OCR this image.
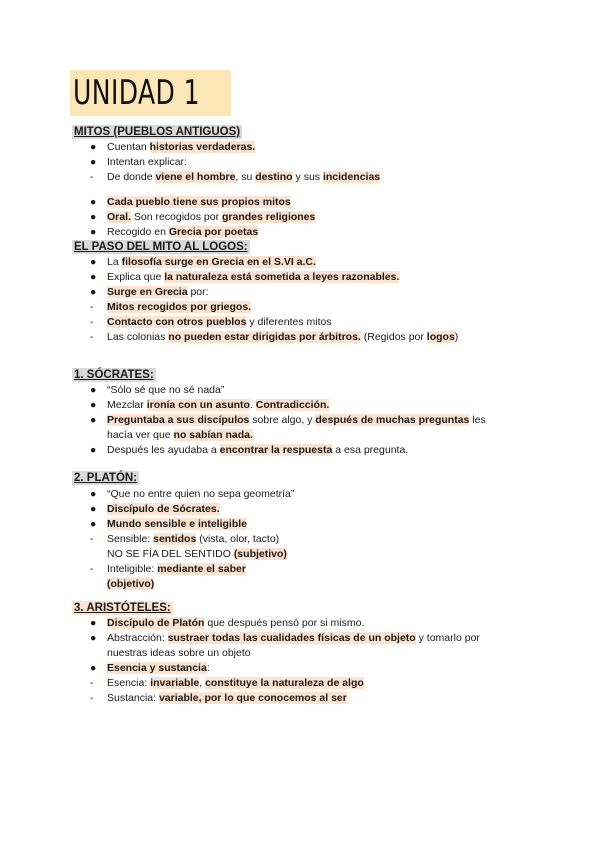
UNIDAD 1
MITOS (PUEBLOS ANTIGUOS)
●	Cuentan historias verdaderas.
●	Intentan explicar:
-	De donde viene el hombre, su destino y sus incidencias
●	Cada pueblo tiene sus propios mitos
●	Oral. Son recogidos por grandes religiones
●	Recogido en Grecia por poetas
EL PASO DEL MITO AL LOGOS:
●	La filosofía surge en Grecia en el S.VI a.C.
●	Explica que la naturaleza está sometida a leyes razonables.
●	Surge en Grecia por:
-	Mitos recogidos por griegos.
-	Contacto con otros pueblos y diferentes mitos
-	Las colonias no pueden estar dirigidas por árbitros. (Regidos por logos)
1. SÓCRATES:
●	“Sólo sé que no sé nada”
●	Mezclar ironía con un asunto. Contradicción.
●	Preguntaba a sus discípulos sobre algo, y después de muchas preguntas les
hacía ver que no sabían nada.
●	Después les ayudaba a encontrar la respuesta a esa pregunta.
2. PLATÓN:
●	“Que no entre quien no sepa geometría”
●	Discípulo de Sócrates.
●	Mundo sensible e inteligible
-	Sensible: sentidos (vista, olor, tacto)
NO SE FÍA DEL SENTIDO (subjetivo)
-	Inteligible: mediante el saber
(objetivo)
3. ARISTÓTELES:
●	Discípulo de Platón que después pensó por si mismo.
●	Abstracción: sustraer todas las cualidades físicas de un objeto y tomarlo por
nuestras ideas sobre un objeto
●	Esencia y sustancia:
-	Esencia: invariable, constituye la naturaleza de algo
-	Sustancia: variable, por lo que conocemos al ser
